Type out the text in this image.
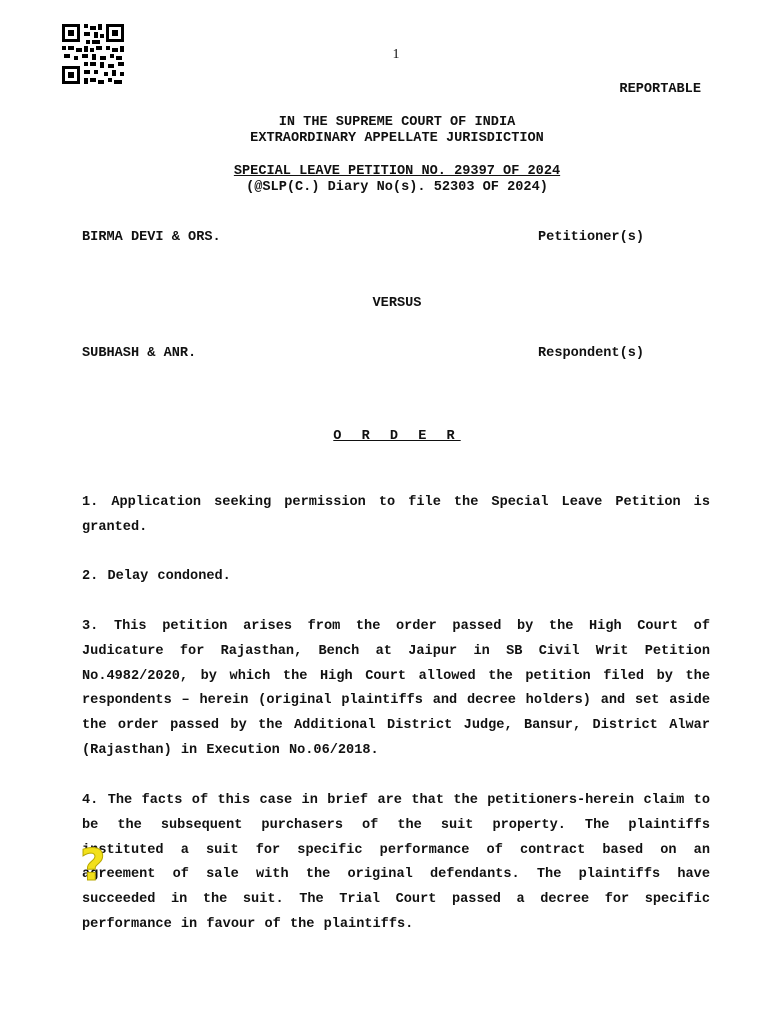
1
REPORTABLE
IN THE SUPREME COURT OF INDIA
EXTRAORDINARY APPELLATE JURISDICTION
SPECIAL LEAVE PETITION NO. 29397 OF 2024
(@SLP(C.) Diary No(s). 52303 OF 2024)
BIRMA DEVI & ORS.	Petitioner(s)
VERSUS
SUBHASH & ANR.	Respondent(s)
O R D E R
1. Application seeking permission to file the Special Leave Petition is granted.
2. Delay condoned.
3. This petition arises from the order passed by the High Court of Judicature for Rajasthan, Bench at Jaipur in SB Civil Writ Petition No.4982/2020, by which the High Court allowed the petition filed by the respondents – herein (original plaintiffs and decree holders) and set aside the order passed by the Additional District Judge, Bansur, District Alwar (Rajasthan) in Execution No.06/2018.
4. The facts of this case in brief are that the petitioners-herein claim to be the subsequent purchasers of the suit property. The plaintiffs instituted a suit for specific performance of contract based on an agreement of sale with the original defendants. The plaintiffs have succeeded in the suit. The Trial Court passed a decree for specific performance in favour of the plaintiffs.
?
